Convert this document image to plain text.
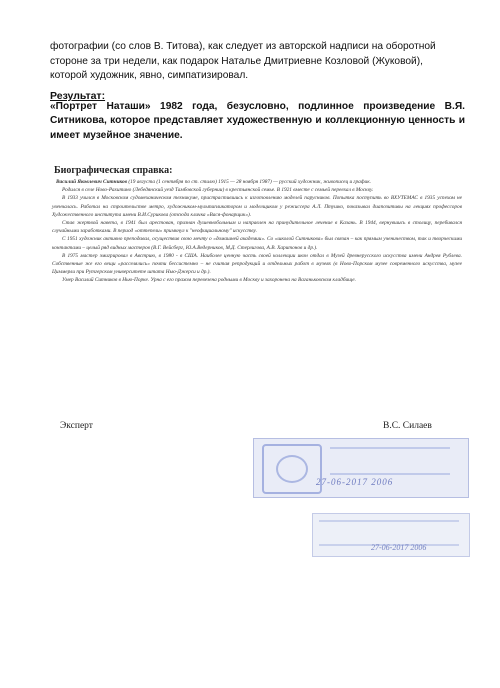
фотографии (со слов В. Титова), как следует из авторской надписи на оборотной стороне за три недели, как подарок Наталье Дмитриевне Козловой (Жуковой), которой художник, явно, симпатизировал.
Результат:
«Портрет Наташи» 1982 года, безусловно, подлинное произведение В.Я. Ситникова, которое представляет художественную и коллекционную ценность и имеет музейное значение.
Биографическая справка:

Василий Яковлевич Ситников (19 августа (1 сентября по ст. стилю) 1915 — 28 ноября 1987) — русский художник, живописец и график.

Родился в селе Ново-Рахитино (Лебедянский уезд Тамбовской губернии) в крестьянской семье. В 1921 вместе с семьей переехал в Москву.

В 1933 учился в Московском судомеханическом техникуме, пристрастившись к изготовлению моделей парусников. Попытка поступить во ВХУТЕМАС в 1935 успехом не увенчалась. Работал на строительстве метро, художником-мультипликатором и моделщиком у режиссера А.Л. Птушко, показывал диапозитивы на лекциях профессоров Художественного института имени В.И.Сурикова (отсюда кличка «Вася-фонарщик»).

Став жертвой навета, в 1941 был арестован, признан душевнобольным и направлен на принудительное лечение в Казань. В 1944, вернувшись в столицу, перебивался случайными заработками. В период «оттепели» примкнул к "неофициальному" искусству.

С 1951 художник активно преподавал, осуществив свою мечту о «домашней академии». Со «школой Ситникова» был связан – как прямым ученичеством, так и творческими контактами – целый ряд видных мастеров (В.Г. Вейсберг, Ю.А.Ведерников, М.Д. Стерлигова, А.В. Харитонов и др.).

В 1975 мастер эмигрировал в Австрию, в 1980 - в США. Наиболее ценную часть своей коллекции икон отдал в Музей древнерусского искусства имени Андрея Рублева. Собственные же его вещи «расселялись» почти бессистемно – не считая репродукций и отдельных работ в музеях (в Ново-Порском музее современного искусства, музее Циммерли при Рутгерском университете штата Нью-Джерси и др.).

Умер Василий Ситников в Нью-Порке. Урна с его прахом перевезена родными в Москву и захоронена на Ваганьковском кладбище.

Эксперт	В.С. Силаев
27-06-2017 2006
27-06-2017 2006
